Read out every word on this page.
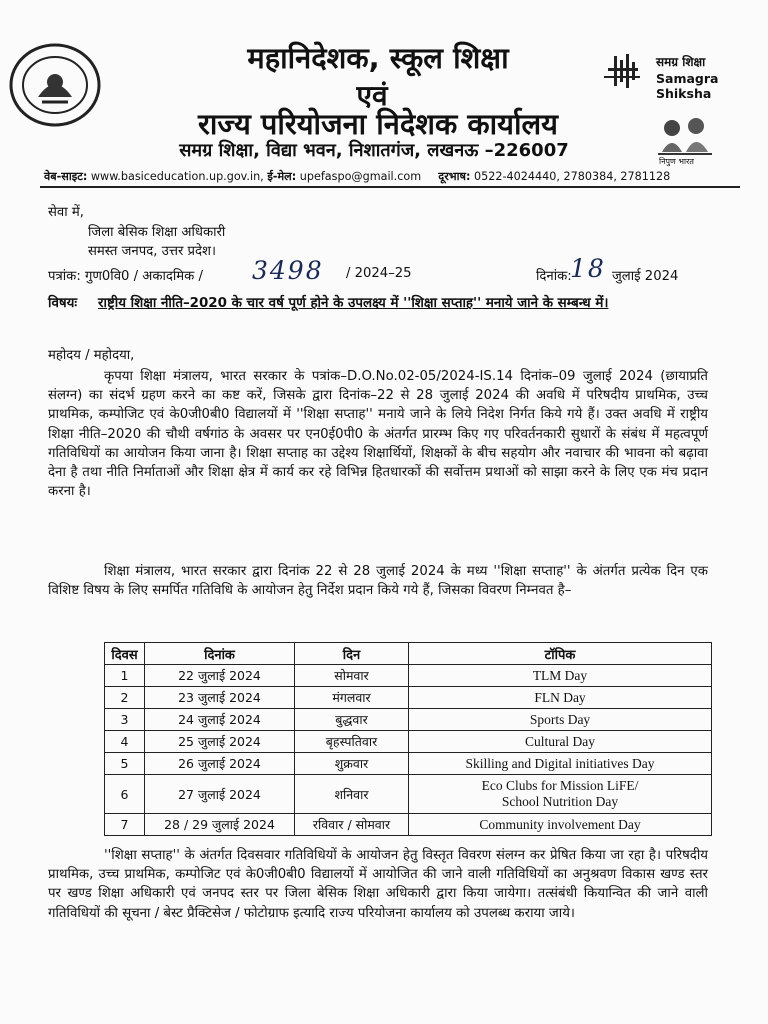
महानिदेशक, स्कूल शिक्षा
एवं
राज्य परियोजना निदेशक कार्यालय
समग्र शिक्षा, विद्या भवन, निशातगंज, लखनऊ –226007
समग्र शिक्षा
Samagra Shiksha
निपुण भारत
वेब-साइट: www.basiceducation.up.gov.in, ई-मेल: upefaspo@gmail.com दूरभाष: 0522-4024440, 2780384, 2781128
सेवा में,
जिला बेसिक शिक्षा अधिकारी
समस्त जनपद, उत्तर प्रदेश।
पत्रांक: गुण0वि0 / अकादमिक / 3498 / 2024–25	दिनांक:
18 जुलाई 2024
विषयः राष्ट्रीय शिक्षा नीति–2020 के चार वर्ष पूर्ण होने के उपलक्ष्य में ''शिक्षा सप्ताह'' मनाये जाने के सम्बन्ध में।
महोदय / महोदया,
कृपया शिक्षा मंत्रालय, भारत सरकार के पत्रांक–D.O.No.02-05/2024-IS.14 दिनांक–09 जुलाई 2024 (छायाप्रति संलग्न) का संदर्भ ग्रहण करने का कष्ट करें, जिसके द्वारा दिनांक–22 से 28 जुलाई 2024 की अवधि में परिषदीय प्राथमिक, उच्च प्राथमिक, कम्पोजिट एवं के0जी0बी0 विद्यालयों में ''शिक्षा सप्ताह'' मनाये जाने के लिये निदेश निर्गत किये गये हैं। उक्त अवधि में राष्ट्रीय शिक्षा नीति–2020 की चौथी वर्षगांठ के अवसर पर एन0ई0पी0 के अंतर्गत प्रारम्भ किए गए परिवर्तनकारी सुधारों के संबंध में महत्वपूर्ण गतिविधियों का आयोजन किया जाना है। शिक्षा सप्ताह का उद्देश्य शिक्षार्थियों, शिक्षकों के बीच सहयोग और नवाचार की भावना को बढ़ावा देना है तथा नीति निर्माताओं और शिक्षा क्षेत्र में कार्य कर रहे विभिन्न हितधारकों की सर्वोत्तम प्रथाओं को साझा करने के लिए एक मंच प्रदान करना है।
शिक्षा मंत्रालय, भारत सरकार द्वारा दिनांक 22 से 28 जुलाई 2024 के मध्य ''शिक्षा सप्ताह'' के अंतर्गत प्रत्येक दिन एक विशिष्ट विषय के लिए समर्पित गतिविधि के आयोजन हेतु निर्देश प्रदान किये गये हैं, जिसका विवरण निम्नवत है–
दिवस	दिनांक	दिन	टॉपिक
1	22 जुलाई 2024	सोमवार	TLM Day
2	23 जुलाई 2024	मंगलवार	FLN Day
3	24 जुलाई 2024	बुद्धवार	Sports Day
4	25 जुलाई 2024	बृहस्पतिवार	Cultural Day
5	26 जुलाई 2024	शुक्रवार	Skilling and Digital initiatives Day
6	27 जुलाई 2024	शनिवार	Eco Clubs for Mission LiFE/
School Nutrition Day

7	28 / 29 जुलाई 2024	रविवार / सोमवार	Community involvement Day
''शिक्षा सप्ताह'' के अंतर्गत दिवसवार गतिविधियों के आयोजन हेतु विस्तृत विवरण संलग्न कर प्रेषित किया जा रहा है। परिषदीय प्राथमिक, उच्च प्राथमिक, कम्पोजिट एवं के0जी0बी0 विद्यालयों में आयोजित की जाने वाली गतिविधियों का अनुश्रवण विकास खण्ड स्तर पर खण्ड शिक्षा अधिकारी एवं जनपद स्तर पर जिला बेसिक शिक्षा अधिकारी द्वारा किया जायेगा। तत्संबंधी कियान्वित की जाने वाली गतिविधियों की सूचना / बेस्ट प्रैक्टिसेज / फोटोग्राफ इत्यादि राज्य परियोजना कार्यालय को उपलब्ध कराया जाये।
